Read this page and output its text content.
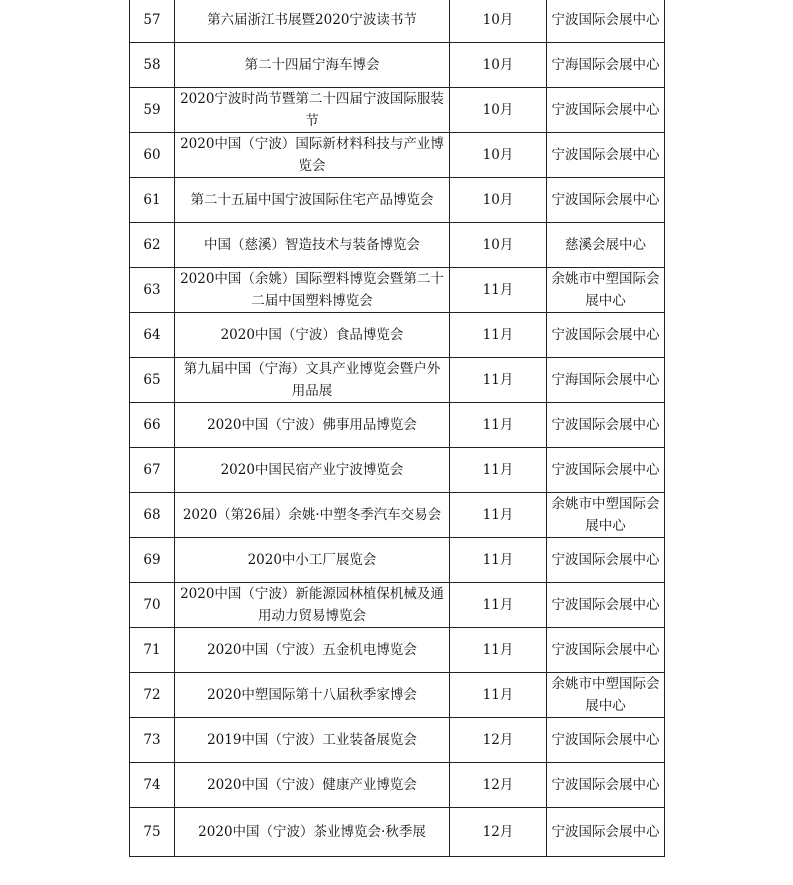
57	第六届浙江书展暨2020宁波读书节	10月	宁波国际会展中心
58	第二十四届宁海车博会	10月	宁海国际会展中心
59	2020宁波时尚节暨第二十四届宁波国际服装节	10月	宁波国际会展中心
60	2020中国（宁波）国际新材料科技与产业博览会	10月	宁波国际会展中心
61	第二十五届中国宁波国际住宅产品博览会	10月	宁波国际会展中心
62	中国（慈溪）智造技术与装备博览会	10月	慈溪会展中心
63	2020中国（余姚）国际塑料博览会暨第二十二届中国塑料博览会	11月	余姚市中塑国际会展中心
64	2020中国（宁波）食品博览会	11月	宁波国际会展中心
65	第九届中国（宁海）文具产业博览会暨户外用品展	11月	宁海国际会展中心
66	2020中国（宁波）佛事用品博览会	11月	宁波国际会展中心
67	2020中国民宿产业宁波博览会	11月	宁波国际会展中心
68	2020（第26届）余姚·中塑冬季汽车交易会	11月	余姚市中塑国际会展中心
69	2020中小工厂展览会	11月	宁波国际会展中心
70	2020中国（宁波）新能源园林植保机械及通用动力贸易博览会	11月	宁波国际会展中心
71	2020中国（宁波）五金机电博览会	11月	宁波国际会展中心
72	2020中塑国际第十八届秋季家博会	11月	余姚市中塑国际会展中心
73	2019中国（宁波）工业装备展览会	12月	宁波国际会展中心
74	2020中国（宁波）健康产业博览会	12月	宁波国际会展中心
75	2020中国（宁波）茶业博览会·秋季展	12月	宁波国际会展中心
